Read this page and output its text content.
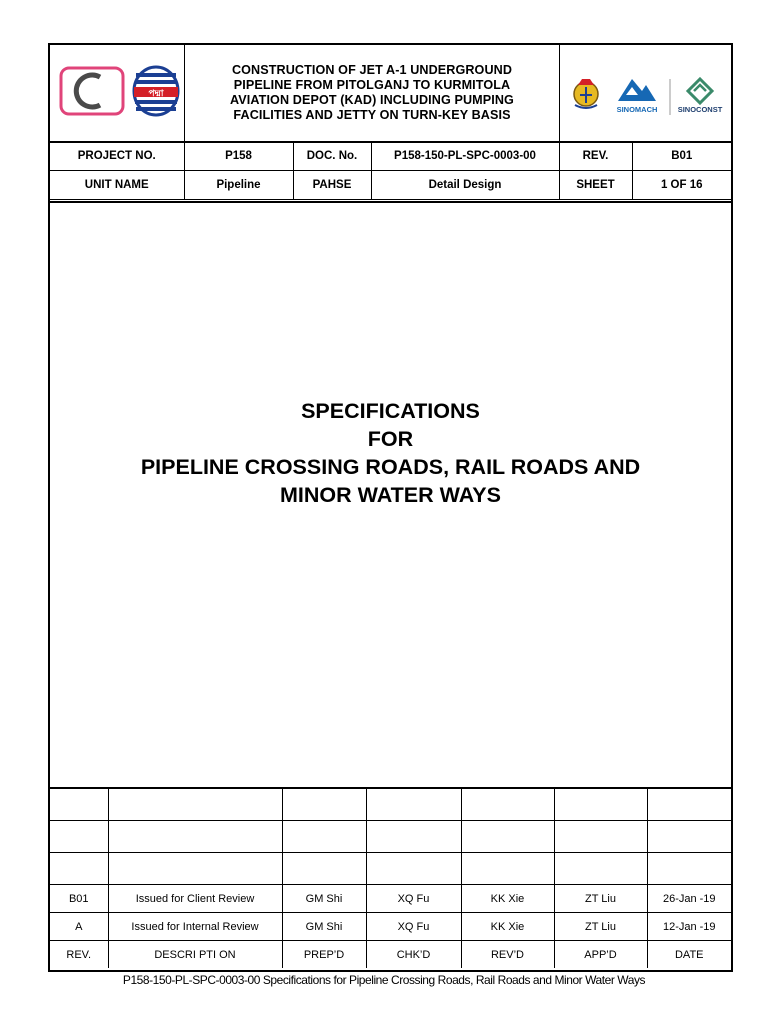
পদ্মা
CONSTRUCTION OF JET A-1 UNDERGROUND
PIPELINE FROM PITOLGANJ TO KURMITOLA
AVIATION DEPOT (KAD) INCLUDING PUMPING
FACILITIES AND JETTY ON TURN-KEY BASIS	SINOMACH	SINOCONST
PROJECT NO.	P158	DOC. No.	P158-150-PL-SPC-0003-00	REV.	B01
UNIT NAME	Pipeline	PAHSE	Detail Design	SHEET	1 OF 16
SPECIFICATIONS
FOR
PIPELINE CROSSING ROADS, RAIL ROADS AND
MINOR WATER WAYS

B01	Issued for Client Review	GM Shi	XQ Fu	KK Xie	ZT Liu	26-Jan -19
A	Issued for Internal Review	GM Shi	XQ Fu	KK Xie	ZT Liu	12-Jan -19
REV.	DESCRI PTI ON	PREP’D	CHK’D	REV’D	APP’D	DATE
P158-150-PL-SPC-0003-00 Specifications for Pipeline Crossing Roads, Rail Roads and Minor Water Ways
